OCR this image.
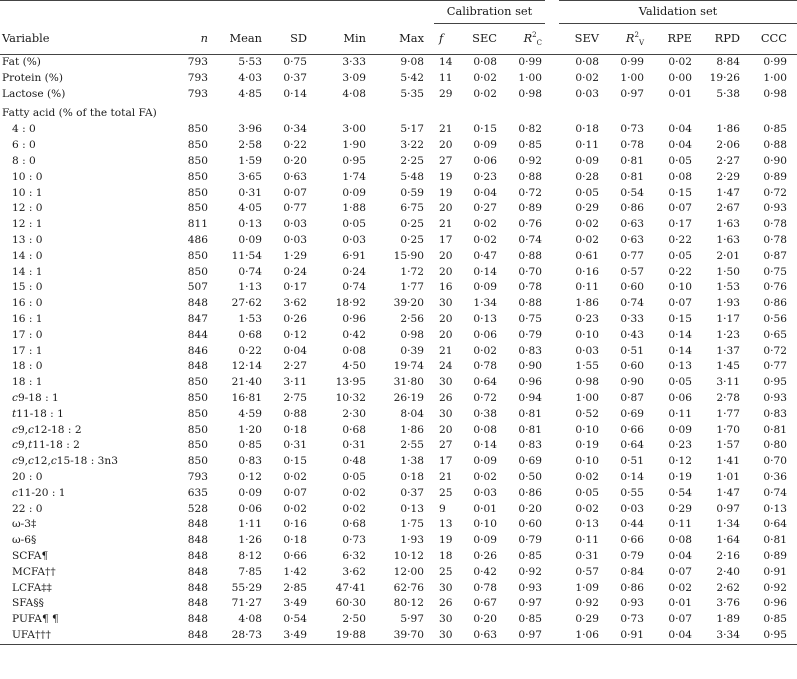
						Calibration set			Validation set				
Variable	n	Mean	SD	Min	Max	f	SEC	$R^2_C$	SEV	$R^2_V$	RPE	RPD	CCC
Fat (%)	793	5·53	0·75	3·33	9·08	14	0·08	0·99	0·08	0·99	0·02	8·84	0·99
Protein (%)	793	4·03	0·37	3·09	5·42	11	0·02	1·00	0·02	1·00	0·00	19·26	1·00
Lactose (%)	793	4·85	0·14	4·08	5·35	29	0·02	0·98	0·03	0·97	0·01	5·38	0·98
Fatty acid (% of the total FA)													
4 : 0	850	3·96	0·34	3·00	5·17	21	0·15	0·82	0·18	0·73	0·04	1·86	0·85
6 : 0	850	2·58	0·22	1·90	3·22	20	0·09	0·85	0·11	0·78	0·04	2·06	0·88
8 : 0	850	1·59	0·20	0·95	2·25	27	0·06	0·92	0·09	0·81	0·05	2·27	0·90
10 : 0	850	3·65	0·63	1·74	5·48	19	0·23	0·88	0·28	0·81	0·08	2·29	0·89
10 : 1	850	0·31	0·07	0·09	0·59	19	0·04	0·72	0·05	0·54	0·15	1·47	0·72
12 : 0	850	4·05	0·77	1·88	6·75	20	0·27	0·89	0·29	0·86	0·07	2·67	0·93
12 : 1	811	0·13	0·03	0·05	0·25	21	0·02	0·76	0·02	0·63	0·17	1·63	0·78
13 : 0	486	0·09	0·03	0·03	0·25	17	0·02	0·74	0·02	0·63	0·22	1·63	0·78
14 : 0	850	11·54	1·29	6·91	15·90	20	0·47	0·88	0·61	0·77	0·05	2·01	0·87
14 : 1	850	0·74	0·24	0·24	1·72	20	0·14	0·70	0·16	0·57	0·22	1·50	0·75
15 : 0	507	1·13	0·17	0·74	1·77	16	0·09	0·78	0·11	0·60	0·10	1·53	0·76
16 : 0	848	27·62	3·62	18·92	39·20	30	1·34	0·88	1·86	0·74	0·07	1·93	0·86
16 : 1	847	1·53	0·26	0·96	2·56	20	0·13	0·75	0·23	0·33	0·15	1·17	0·56
17 : 0	844	0·68	0·12	0·42	0·98	20	0·06	0·79	0·10	0·43	0·14	1·23	0·65
17 : 1	846	0·22	0·04	0·08	0·39	21	0·02	0·83	0·03	0·51	0·14	1·37	0·72
18 : 0	848	12·14	2·27	4·50	19·74	24	0·78	0·90	1·55	0·60	0·13	1·45	0·77
18 : 1	850	21·40	3·11	13·95	31·80	30	0·64	0·96	0·98	0·90	0·05	3·11	0·95
c9-18 : 1	850	16·81	2·75	10·32	26·19	26	0·72	0·94	1·00	0·87	0·06	2·78	0·93
t11-18 : 1	850	4·59	0·88	2·30	8·04	30	0·38	0·81	0·52	0·69	0·11	1·77	0·83
c9,c12-18 : 2	850	1·20	0·18	0·68	1·86	20	0·08	0·81	0·10	0·66	0·09	1·70	0·81
c9,t11-18 : 2	850	0·85	0·31	0·31	2·55	27	0·14	0·83	0·19	0·64	0·23	1·57	0·80
c9,c12,c15-18 : 3n3	850	0·83	0·15	0·48	1·38	17	0·09	0·69	0·10	0·51	0·12	1·41	0·70
20 : 0	793	0·12	0·02	0·05	0·18	21	0·02	0·50	0·02	0·14	0·19	1·01	0·36
c11-20 : 1	635	0·09	0·07	0·02	0·37	25	0·03	0·86	0·05	0·55	0·54	1·47	0·74
22 : 0	528	0·06	0·02	0·02	0·13	9	0·01	0·20	0·02	0·03	0·29	0·97	0·13
ω-3‡	848	1·11	0·16	0·68	1·75	13	0·10	0·60	0·13	0·44	0·11	1·34	0·64
ω-6§	848	1·26	0·18	0·73	1·93	19	0·09	0·79	0·11	0·66	0·08	1·64	0·81
SCFA¶	848	8·12	0·66	6·32	10·12	18	0·26	0·85	0·31	0·79	0·04	2·16	0·89
MCFA††	848	7·85	1·42	3·62	12·00	25	0·42	0·92	0·57	0·84	0·07	2·40	0·91
LCFA‡‡	848	55·29	2·85	47·41	62·76	30	0·78	0·93	1·09	0·86	0·02	2·62	0·92
SFA§§	848	71·27	3·49	60·30	80·12	26	0·67	0·97	0·92	0·93	0·01	3·76	0·96
PUFA¶ ¶	848	4·08	0·54	2·50	5·97	30	0·20	0·85	0·29	0·73	0·07	1·89	0·85
UFA†††	848	28·73	3·49	19·88	39·70	30	0·63	0·97	1·06	0·91	0·04	3·34	0·95
